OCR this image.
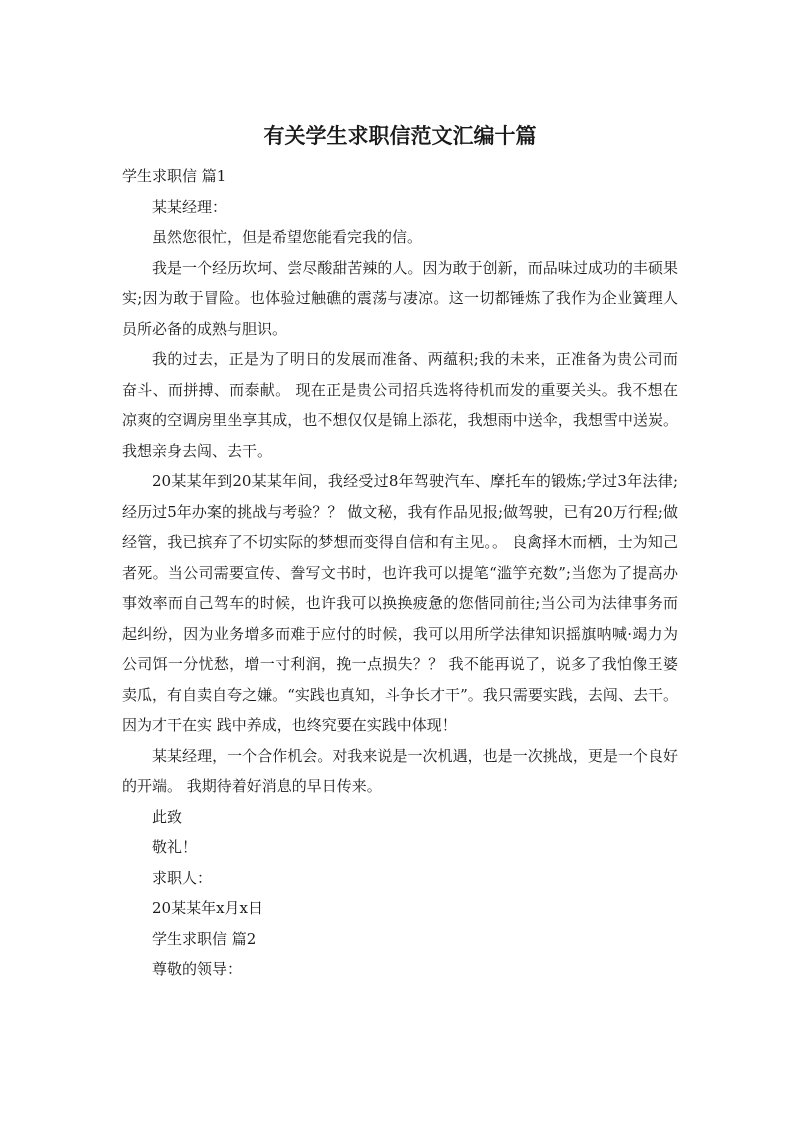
有关学生求职信范文汇编十篇

学生求职信 篇1

某某经理：

虽然您很忙，但是希望您能看完我的信。

我是一个经历坎坷、尝尽酸甜苦辣的人。因为敢于创新，而品味过成功的丰硕果实;因为敢于冒险。也体验过触礁的震荡与凄凉。这一切都锤炼了我作为企业簧理人员所必备的成熟与胆识。

我的过去，正是为了明日的发展而准备、两蕴积;我的未来，正准备为贵公司而奋斗、而拼搏、而泰献。 现在正是贵公司招兵选将待机而发的重要关头。我不想在凉爽的空调房里坐享其成，也不想仅仅是锦上添花，我想雨中送伞，我想雪中送炭。我想亲身去闯、去干。

20某某年到20某某年间，我经受过8年驾驶汽车、摩托车的锻炼;学过3年法律;经历过5年办案的挑战与考验？？ 做文秘，我有作品见报;做驾驶，已有20万行程;做经管，我已摈弃了不切实际的梦想而变得自信和有主见。。 良禽择木而栖，士为知己者死。当公司需要宣传、誊写文书时，也许我可以提笔“滥竽充数”;当您为了提高办事效率而自己驾车的时候，也许我可以换换疲惫的您偕同前往;当公司为法律事务而起纠纷，因为业务增多而难于应付的时候，我可以用所学法律知识摇旗呐喊·竭力为公司饵一分忧愁，增一寸利润，挽一点损失？？ 我不能再说了，说多了我怕像王婆卖瓜，有自卖自夸之嫌。“实践也真知，斗争长才干”。我只需要实践，去闯、去干。因为才干在实 践中养成，也终究要在实践中体现！

某某经理，一个合作机会。对我来说是一次机遇，也是一次挑战，更是一个良好的开端。 我期待着好消息的早日传来。

此致

敬礼！

求职人：

20某某年x月x日

学生求职信 篇2

尊敬的领导：
